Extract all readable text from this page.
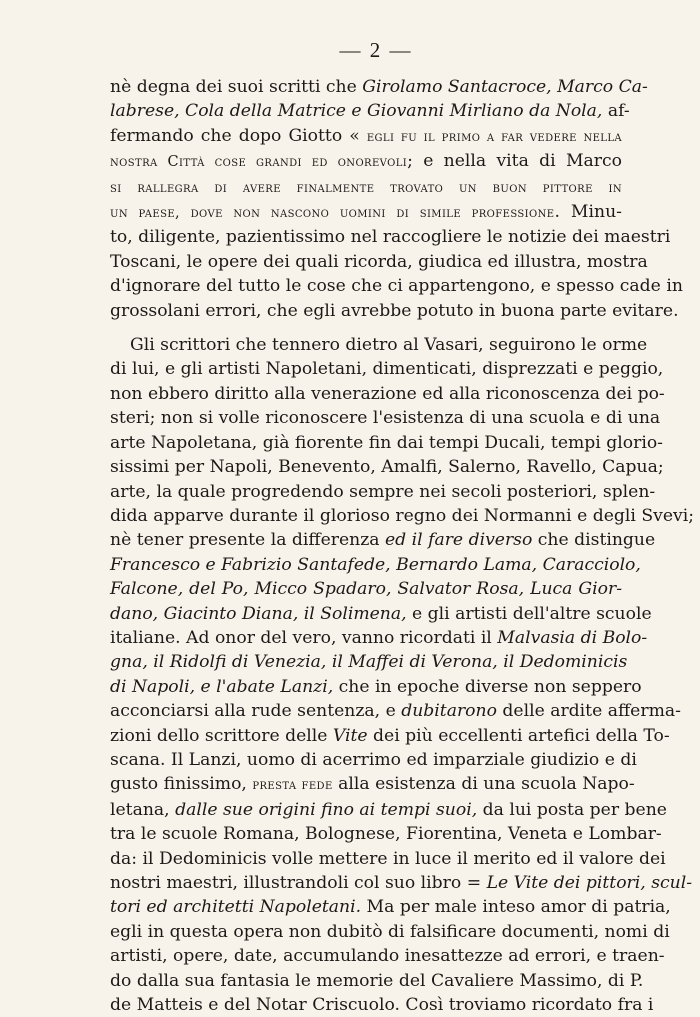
— 2 —
nè degna dei suoi scritti che Girolamo Santacroce, Marco Ca-
labrese, Cola della Matrice e Giovanni Mirliano da Nola, af-
fermando che dopo Giotto « egli fu il primo a far vedere nella
nostra Città cose grandi ed onorevoli; e nella vita di Marco
si rallegra di avere finalmente trovato un buon pittore in
un paese, dove non nascono uomini di simile professione. Minu-
to, diligente, pazientissimo nel raccogliere le notizie dei maestri
Toscani, le opere dei quali ricorda, giudica ed illustra, mostra
d'ignorare del tutto le cose che ci appartengono, e spesso cade in
grossolani errori, che egli avrebbe potuto in buona parte evitare.
Gli scrittori che tennero dietro al Vasari, seguirono le orme
di lui, e gli artisti Napoletani, dimenticati, disprezzati e peggio,
non ebbero diritto alla venerazione ed alla riconoscenza dei po-
steri; non si volle riconoscere l'esistenza di una scuola e di una
arte Napoletana, già fiorente fin dai tempi Ducali, tempi glorio-
sissimi per Napoli, Benevento, Amalfi, Salerno, Ravello, Capua;
arte, la quale progredendo sempre nei secoli posteriori, splen-
dida apparve durante il glorioso regno dei Normanni e degli Svevi;
nè tener presente la differenza ed il fare diverso che distingue
Francesco e Fabrizio Santafede, Bernardo Lama, Caracciolo,
Falcone, del Po, Micco Spadaro, Salvator Rosa, Luca Gior-
dano, Giacinto Diana, il Solimena, e gli artisti dell'altre scuole
italiane. Ad onor del vero, vanno ricordati il Malvasia di Bolo-
gna, il Ridolfi di Venezia, il Maffei di Verona, il Dedominicis
di Napoli, e l'abate Lanzi, che in epoche diverse non seppero
acconciarsi alla rude sentenza, e dubitarono delle ardite afferma-
zioni dello scrittore delle Vite dei più eccellenti artefici della To-
scana. Il Lanzi, uomo di acerrimo ed imparziale giudizio e di
gusto finissimo, presta fede alla esistenza di una scuola Napo-
letana, dalle sue origini fino ai tempi suoi, da lui posta per bene
tra le scuole Romana, Bolognese, Fiorentina, Veneta e Lombar-
da: il Dedominicis volle mettere in luce il merito ed il valore dei
nostri maestri, illustrandoli col suo libro = Le Vite dei pittori, scul-
tori ed architetti Napoletani. Ma per male inteso amor di patria,
egli in questa opera non dubitò di falsificare documenti, nomi di
artisti, opere, date, accumulando inesattezze ad errori, e traen-
do dalla sua fantasia le memorie del Cavaliere Massimo, di P.
de Matteis e del Notar Criscuolo. Così troviamo ricordato fra i
